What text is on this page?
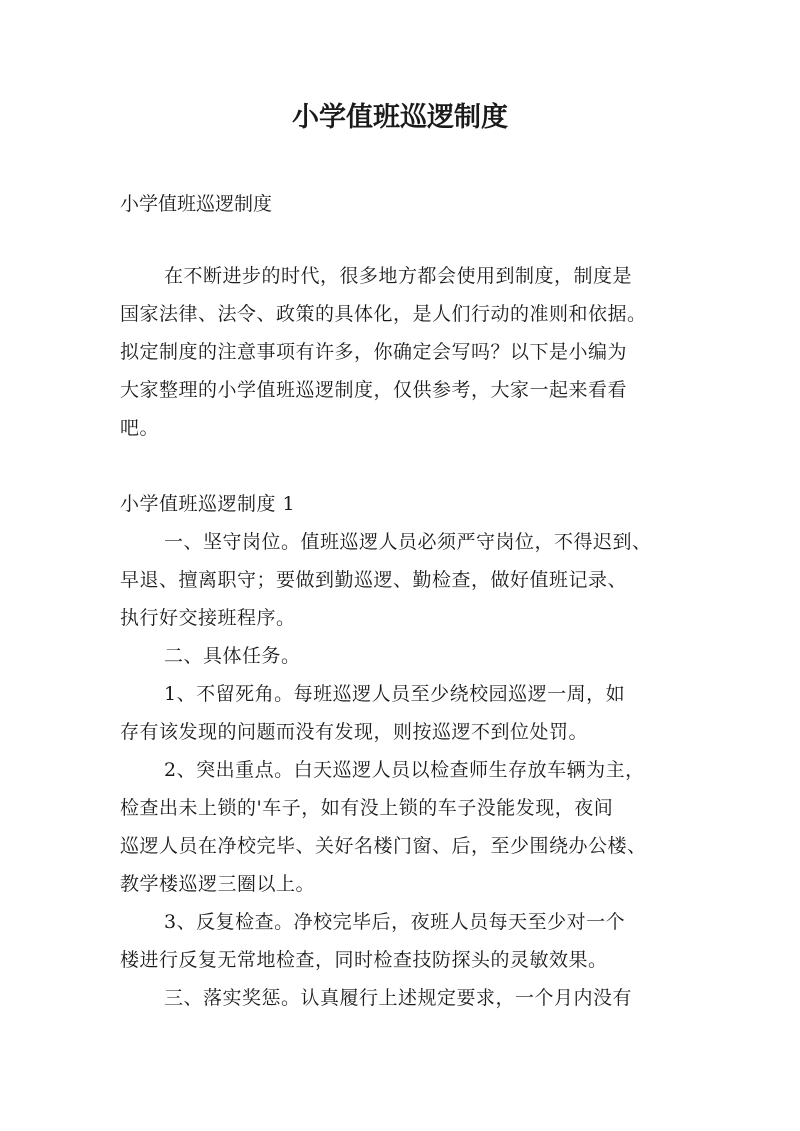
小学值班巡逻制度

小学值班巡逻制度

在不断进步的时代，很多地方都会使用到制度，制度是

国家法律、法令、政策的具体化，是人们行动的准则和依据。

拟定制度的注意事项有许多，你确定会写吗？以下是小编为

大家整理的小学值班巡逻制度，仅供参考，大家一起来看看

吧。

小学值班巡逻制度 1

一、坚守岗位。值班巡逻人员必须严守岗位，不得迟到、

早退、擅离职守；要做到勤巡逻、勤检查，做好值班记录、

执行好交接班程序。

二、具体任务。

1、不留死角。每班巡逻人员至少绕校园巡逻一周，如

存有该发现的问题而没有发现，则按巡逻不到位处罚。

2、突出重点。白天巡逻人员以检查师生存放车辆为主，

检查出未上锁的'车子，如有没上锁的车子没能发现，夜间

巡逻人员在净校完毕、关好名楼门窗、后，至少围绕办公楼、

教学楼巡逻三圈以上。

3、反复检查。净校完毕后，夜班人员每天至少对一个

楼进行反复无常地检查，同时检查技防探头的灵敏效果。

三、落实奖惩。认真履行上述规定要求，一个月内没有
